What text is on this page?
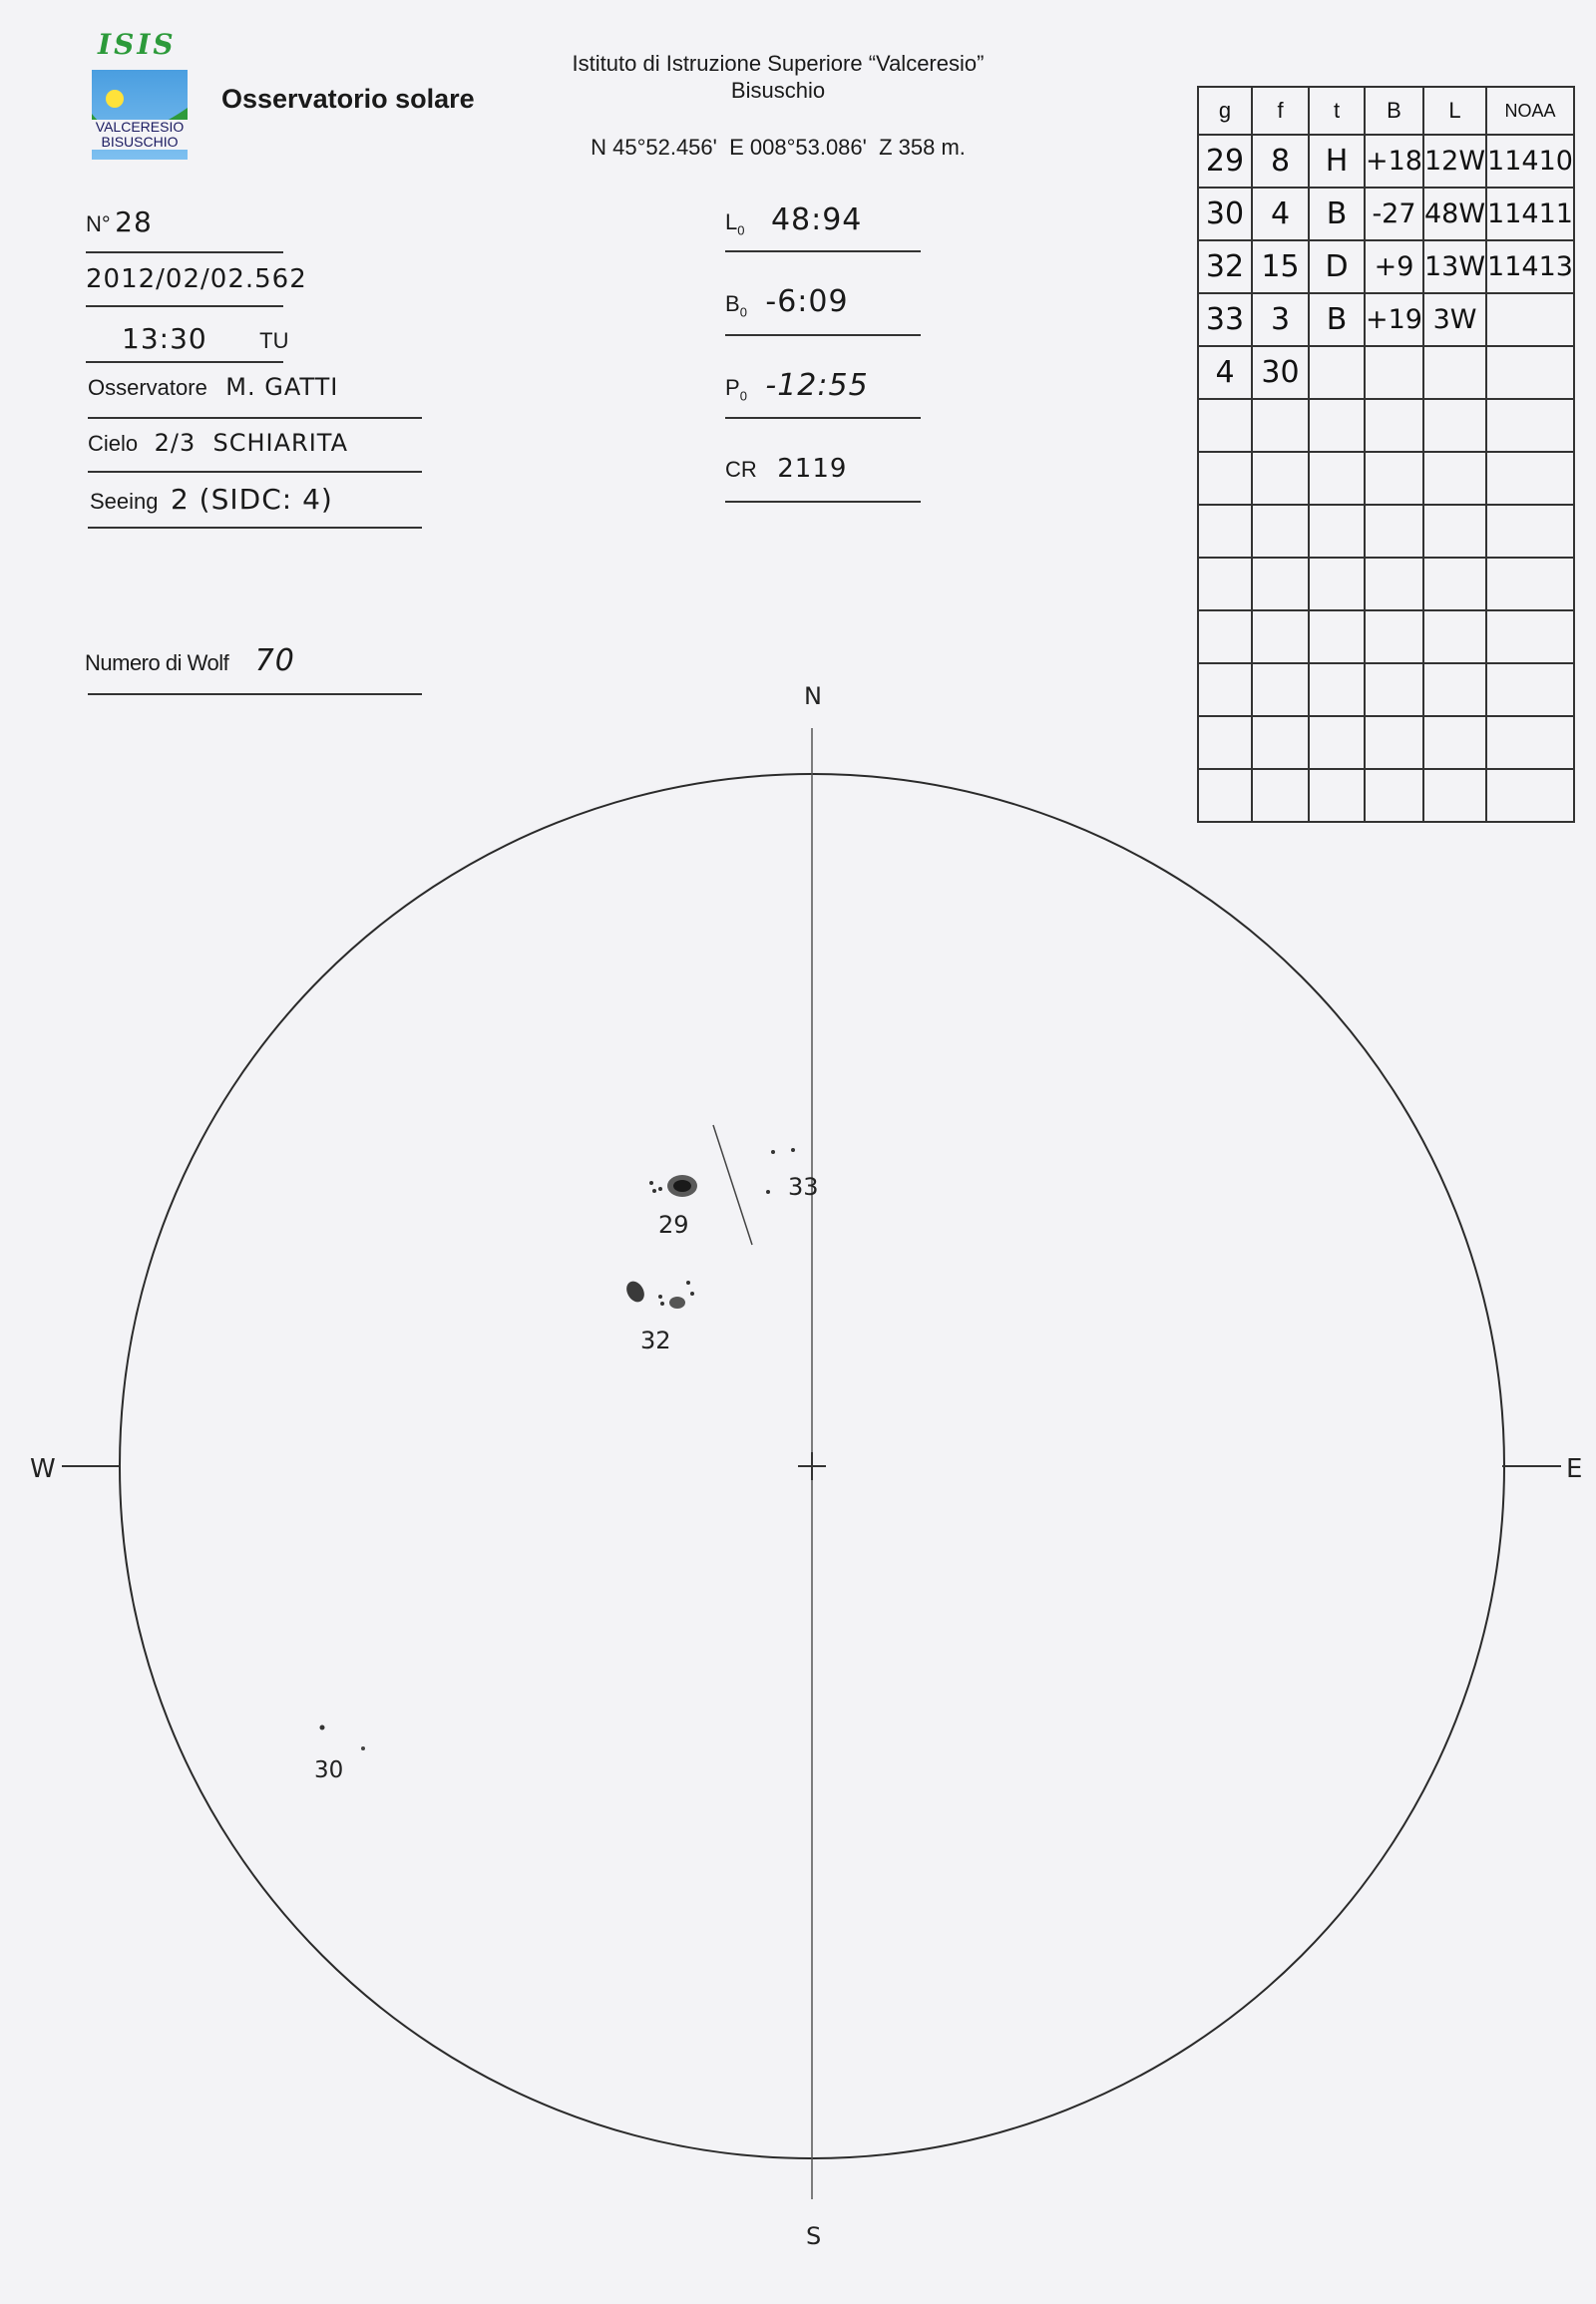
ISIS
VALCERESIO
BISUSCHIO
Osservatorio solare
Istituto di Istruzione Superiore “Valceresio”
Bisuschio
N 45°52.456'  E 008°53.086'  Z 358 m.
N° 28
2012/02/02.562
13:30 TU
Osservatore M. GATTI
Cielo 2/3  SCHIARITA
Seeing 2 (SIDC: 4)
Numero di Wolf 70
$L_0$ 48:94
$B_0$ -6:09
$P_0$ -12:55
CR 2119
g	f	t	B	L	NOAA
29	8	H	+18	12W	11410
30	4	B	-27	48W	11411
32	15	D	+9	13W	11413
33	3	B	+19	3W	
4	30				

N
S
W	E
29
33
32
30
